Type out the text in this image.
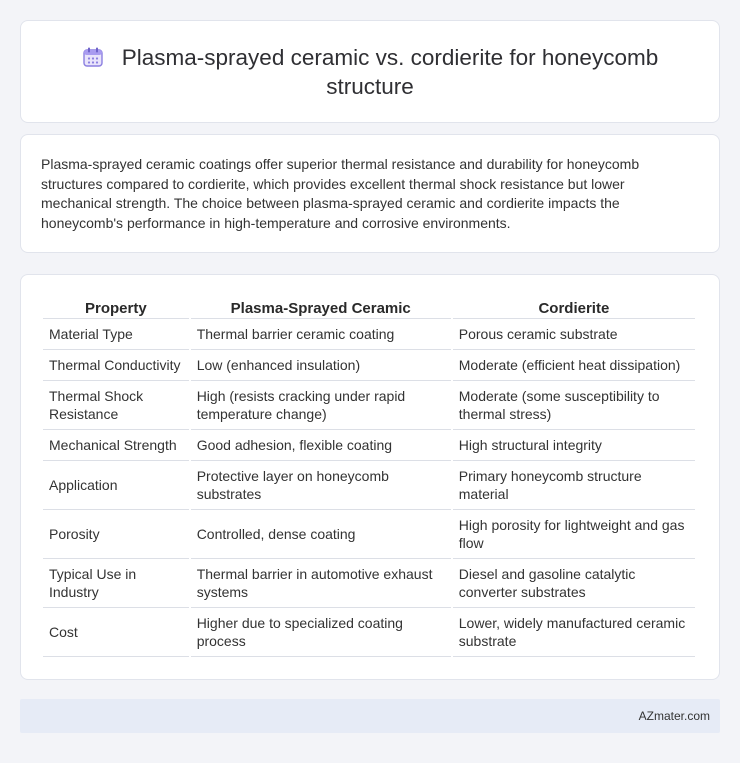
Plasma-sprayed ceramic vs. cordierite for honeycomb structure

Plasma-sprayed ceramic coatings offer superior thermal resistance and durability for honeycomb structures compared to cordierite, which provides excellent thermal shock resistance but lower mechanical strength. The choice between plasma-sprayed ceramic and cordierite impacts the honeycomb's performance in high-temperature and corrosive environments.

Property	Plasma-Sprayed Ceramic	Cordierite
Material Type	Thermal barrier ceramic coating	Porous ceramic substrate
Thermal Conductivity	Low (enhanced insulation)	Moderate (efficient heat dissipation)
Thermal Shock Resistance	High (resists cracking under rapid temperature change)	Moderate (some susceptibility to thermal stress)
Mechanical Strength	Good adhesion, flexible coating	High structural integrity
Application	Protective layer on honeycomb substrates	Primary honeycomb structure material
Porosity	Controlled, dense coating	High porosity for lightweight and gas flow
Typical Use in Industry	Thermal barrier in automotive exhaust systems	Diesel and gasoline catalytic converter substrates
Cost	Higher due to specialized coating process	Lower, widely manufactured ceramic substrate
AZmater.com
